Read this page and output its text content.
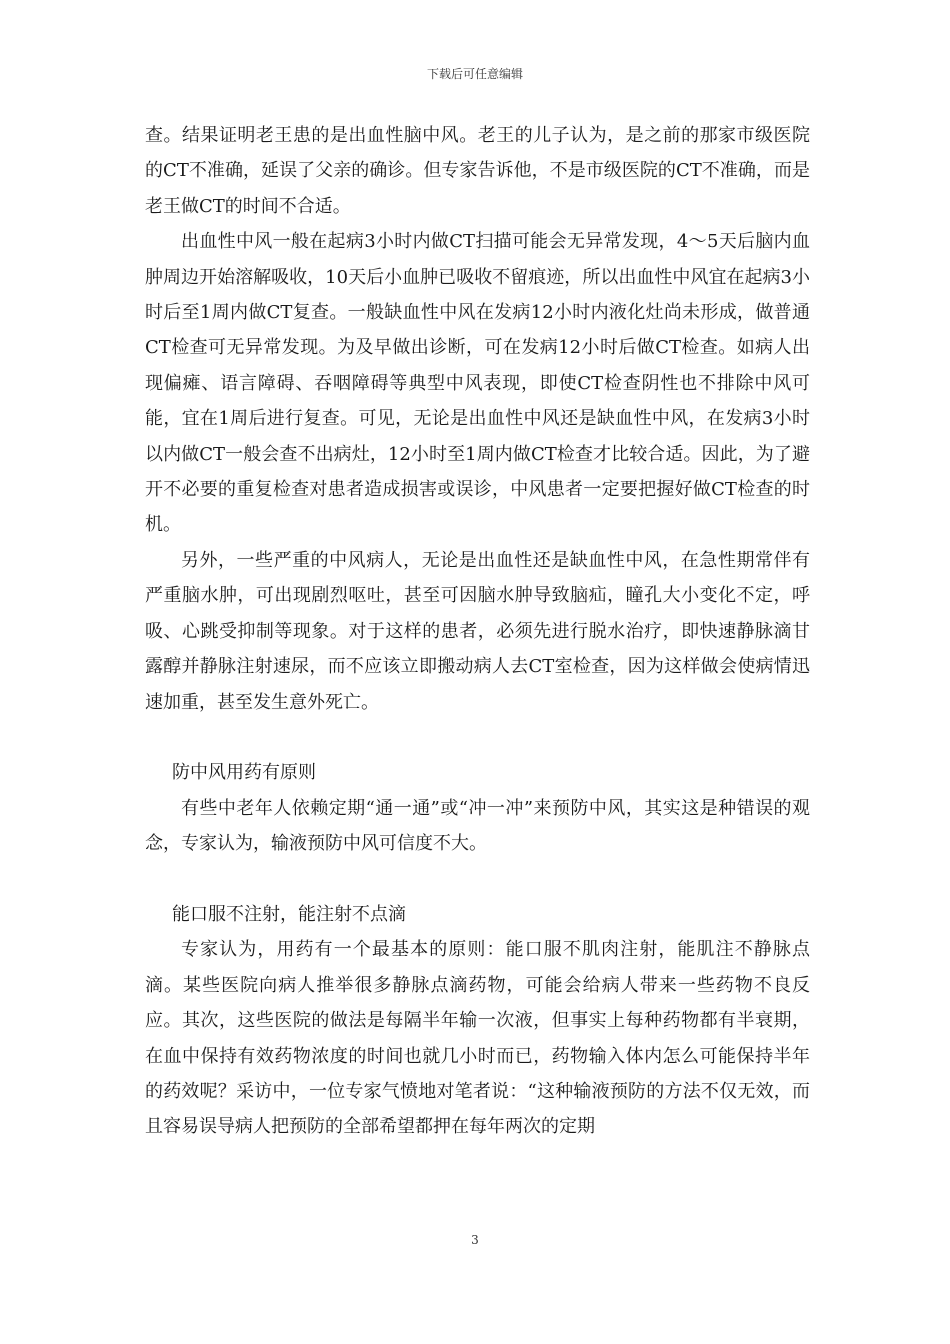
下载后可任意编辑

查。结果证明老王患的是出血性脑中风。老王的儿子认为，是之前的那家市级医院的CT不准确，延误了父亲的确诊。但专家告诉他，不是市级医院的CT不准确，而是老王做CT的时间不合适。

出血性中风一般在起病3小时内做CT扫描可能会无异常发现，4～5天后脑内血肿周边开始溶解吸收，10天后小血肿已吸收不留痕迹，所以出血性中风宜在起病3小时后至1周内做CT复查。一般缺血性中风在发病12小时内液化灶尚未形成，做普通CT检查可无异常发现。为及早做出诊断，可在发病12小时后做CT检查。如病人出现偏瘫、语言障碍、吞咽障碍等典型中风表现，即使CT检查阴性也不排除中风可能，宜在1周后进行复查。可见，无论是出血性中风还是缺血性中风，在发病3小时以内做CT一般会查不出病灶，12小时至1周内做CT检查才比较合适。因此，为了避开不必要的重复检查对患者造成损害或误诊，中风患者一定要把握好做CT检查的时机。

另外，一些严重的中风病人，无论是出血性还是缺血性中风，在急性期常伴有严重脑水肿，可出现剧烈呕吐，甚至可因脑水肿导致脑疝，瞳孔大小变化不定，呼吸、心跳受抑制等现象。对于这样的患者，必须先进行脱水治疗，即快速静脉滴甘露醇并静脉注射速尿，而不应该立即搬动病人去CT室检查，因为这样做会使病情迅速加重，甚至发生意外死亡。

防中风用药有原则

有些中老年人依赖定期“通一通”或“冲一冲”来预防中风，其实这是种错误的观念，专家认为，输液预防中风可信度不大。

能口服不注射，能注射不点滴

专家认为，用药有一个最基本的原则：能口服不肌肉注射，能肌注不静脉点滴。某些医院向病人推举很多静脉点滴药物，可能会给病人带来一些药物不良反应。其次，这些医院的做法是每隔半年输一次液，但事实上每种药物都有半衰期，在血中保持有效药物浓度的时间也就几小时而已，药物输入体内怎么可能保持半年的药效呢？采访中，一位专家气愤地对笔者说：“这种输液预防的方法不仅无效，而且容易误导病人把预防的全部希望都押在每年两次的定期

3
